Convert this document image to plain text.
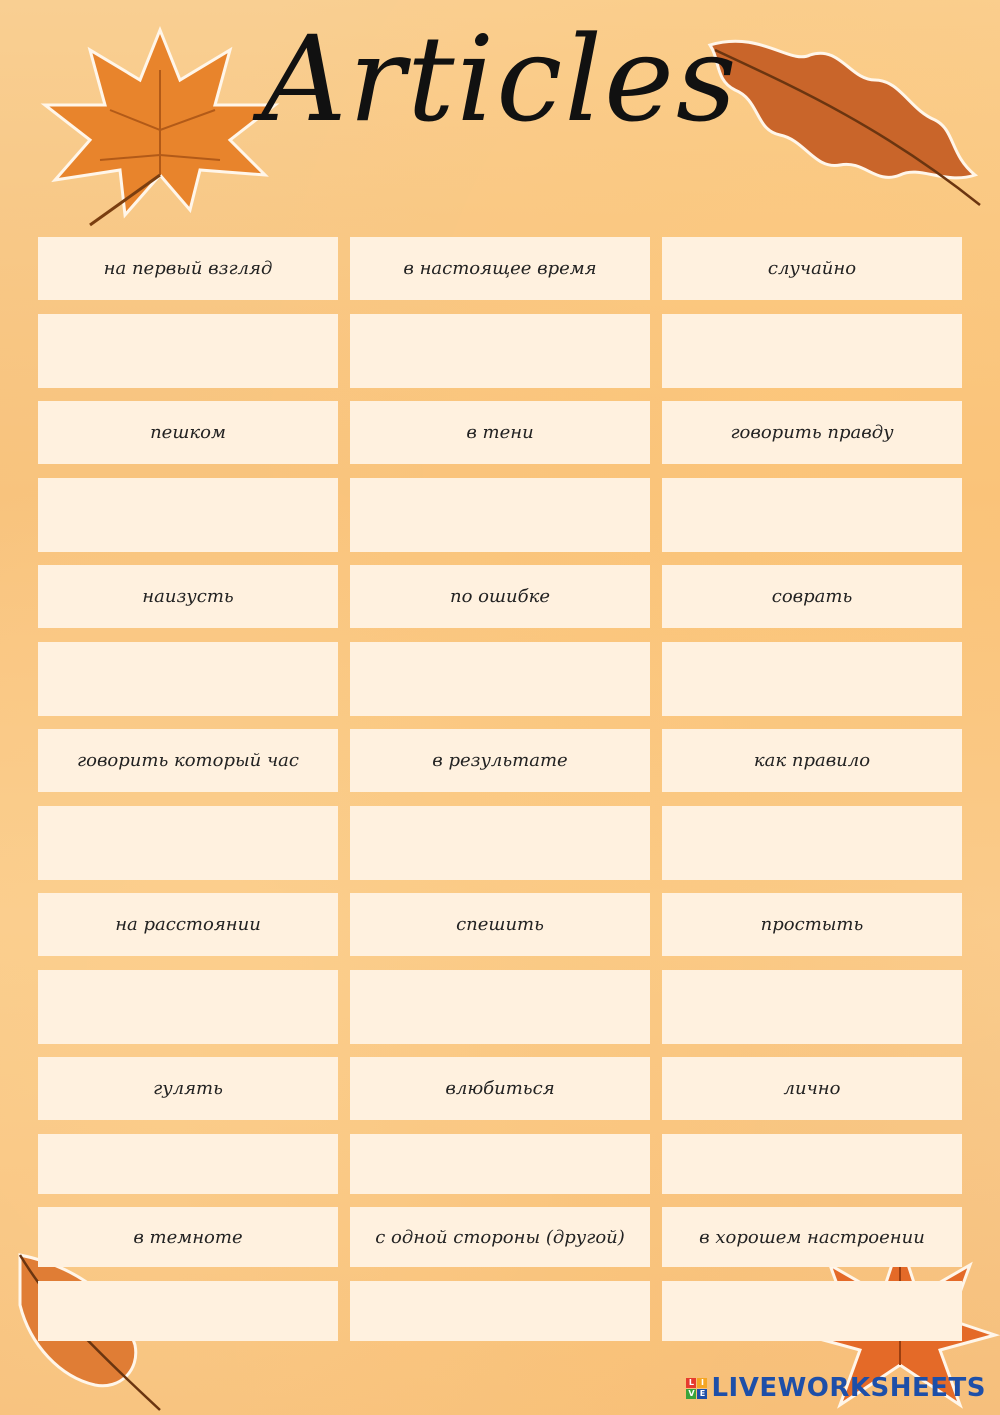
Articles
на первый взгляд
пешком
наизусть
говорить который час
на расстоянии
гулять
в темноте
в настоящее время
в тени
по ошибке
в результате
спешить
влюбиться
с одной стороны (другой)
случайно
говорить правду
соврать
как правило
простыть
лично
в хорошем настроении
L I
V E LIVEWORKSHEETS
